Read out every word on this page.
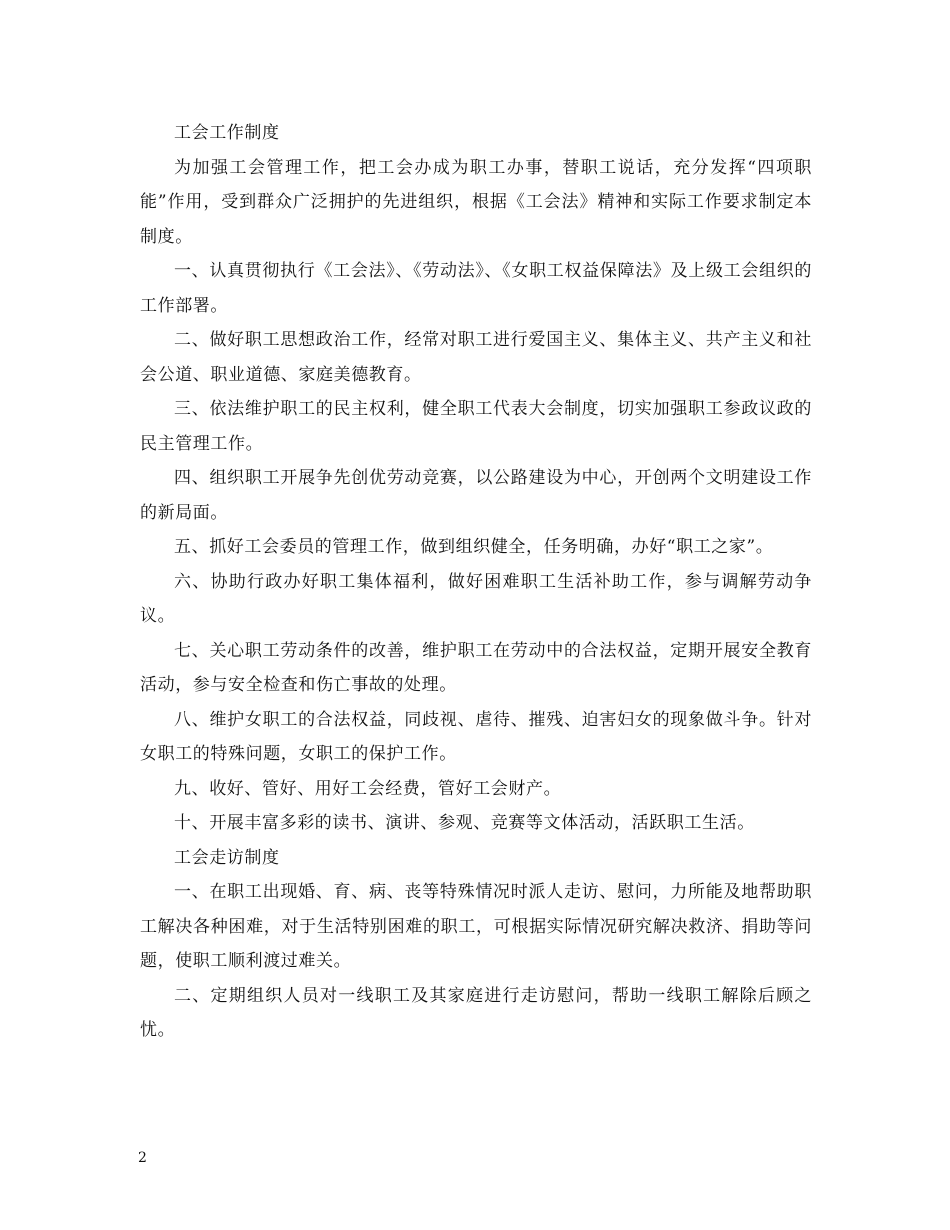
工会工作制度

为加强工会管理工作，把工会办成为职工办事，替职工说话，充分发挥“四项职能”作用，受到群众广泛拥护的先进组织，根据《工会法》精神和实际工作要求制定本制度。

一、认真贯彻执行《工会法》、《劳动法》、《女职工权益保障法》及上级工会组织的工作部署。

二、做好职工思想政治工作，经常对职工进行爱国主义、集体主义、共产主义和社会公道、职业道德、家庭美德教育。

三、依法维护职工的民主权利，健全职工代表大会制度，切实加强职工参政议政的民主管理工作。

四、组织职工开展争先创优劳动竞赛，以公路建设为中心，开创两个文明建设工作的新局面。

五、抓好工会委员的管理工作，做到组织健全，任务明确，办好“职工之家”。

六、协助行政办好职工集体福利，做好困难职工生活补助工作，参与调解劳动争议。

七、关心职工劳动条件的改善，维护职工在劳动中的合法权益，定期开展安全教育活动，参与安全检查和伤亡事故的处理。

八、维护女职工的合法权益，同歧视、虐待、摧残、迫害妇女的现象做斗争。针对女职工的特殊问题，女职工的保护工作。

九、收好、管好、用好工会经费，管好工会财产。

十、开展丰富多彩的读书、演讲、参观、竞赛等文体活动，活跃职工生活。

工会走访制度

一、在职工出现婚、育、病、丧等特殊情况时派人走访、慰问，力所能及地帮助职工解决各种困难，对于生活特别困难的职工，可根据实际情况研究解决救济、捐助等问题，使职工顺利渡过难关。

二、定期组织人员对一线职工及其家庭进行走访慰问，帮助一线职工解除后顾之忧。

2
